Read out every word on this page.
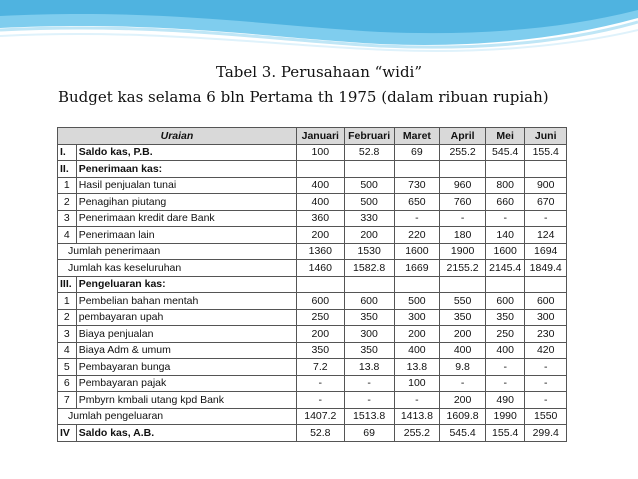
Tabel 3. Perusahaan “widi”
Budget kas selama 6 bln Pertama th 1975 (dalam ribuan rupiah)
Uraian		Januari	Februari	Maret	April	Mei	Juni
I.	Saldo kas, P.B.	100	52.8	69	255.2	545.4	155.4
II.	Penerimaan kas:						
1	Hasil penjualan tunai	400	500	730	960	800	900
2	Penagihan piutang	400	500	650	760	660	670
3	Penerimaan kredit dare Bank	360	330	-	-	-	-
4	Penerimaan lain	200	200	220	180	140	124
Jumlah penerimaan		1360	1530	1600	1900	1600	1694
Jumlah kas keseluruhan		1460	1582.8	1669	2155.2	2145.4	1849.4
III.	Pengeluaran kas:						
1	Pembelian bahan mentah	600	600	500	550	600	600
2	pembayaran upah	250	350	300	350	350	300
3	Biaya penjualan	200	300	200	200	250	230
4	Biaya Adm & umum	350	350	400	400	400	420
5	Pembayaran bunga	7.2	13.8	13.8	9.8	-	-
6	Pembayaran pajak	-	-	100	-	-	-
7	Pmbyrn kmbali utang kpd Bank	-	-	-	200	490	-
Jumlah pengeluaran		1407.2	1513.8	1413.8	1609.8	1990	1550
IV	Saldo kas, A.B.	52.8	69	255.2	545.4	155.4	299.4
